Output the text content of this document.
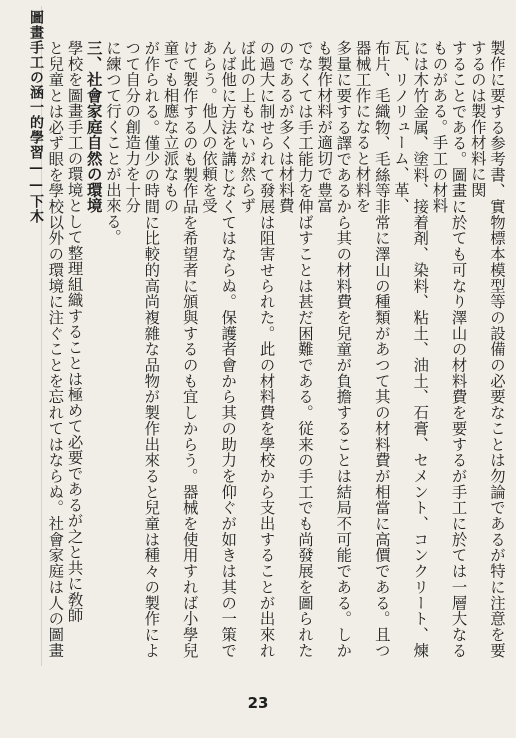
圖畫手工の涵一的學習——下木	製作に要する参考書、實物標本模型等の設備の必要なことは勿論であるが特に注意を要するのは製作材料に関
することである。圖畫に於ても可なり澤山の材料費を要するが手工に於ては一層大なるものがある。手工の材料
には木竹金属、塗料、接着剤、染料、粘土、油土、石膏、セメント、コンクリート、煉瓦、リノリューム、革、
布片、毛織物、毛絲等非常に澤山の種類があつて其の材料費が相當に高價である。且つ器械工作になると材料を
多量に要する譯であるから其の材料費を兒童が負擔することは結局不可能である。しかも製作材料が適切で豊富
でなくては手工能力を伸ばすことは甚だ困難である。従来の手工でも尚發展を圖られたのであるが多くは材料費
の過大に制せられて發展は阻害せられた。此の材料費を學校から支出することが出來れば此の上もないが然らず
んば他に方法を講じなくてはならぬ。保護者會から其の助力を仰ぐが如きは其の一策であらう。他人の依頼を受
けて製作するのも製作品を希望者に頒與するのも宜しからう。器械を使用すれば小學兒童でも相應な立派なもの
が作られる。僅少の時間に比較的高尚複雜な品物が製作出來ると兒童は種々の製作によつて自分の創造力を十分
に練つて行くことが出來る。
三、社會家庭自然の環境
學校を圖畫手工の環境として整理組織することは極めて必要であるが之と共に敎師
と兒童とは必ず眼を學校以外の環境に注ぐことを忘れてはならぬ。社會家庭は人の圖畫

23
